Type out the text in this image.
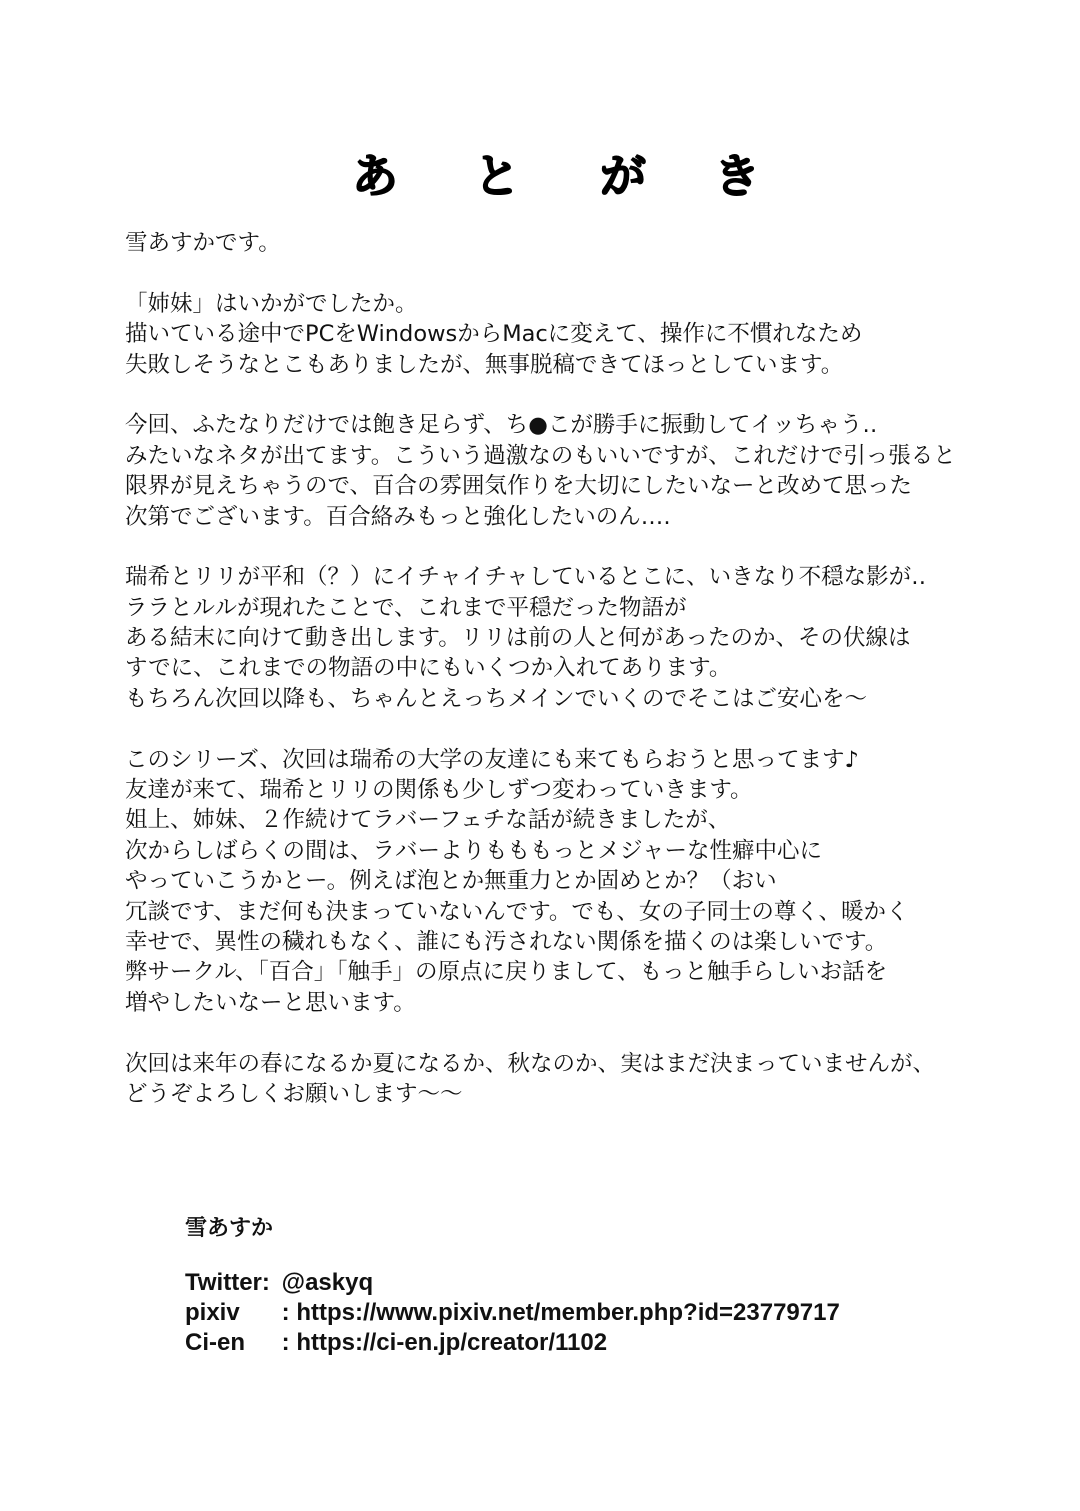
あ と が き
雪あすかです。
「姉妹」はいかがでしたか。
描いている途中でPCをWindowsからMacに変えて、操作に不慣れなため
失敗しそうなとこもありましたが、無事脱稿できてほっとしています。
今回、ふたなりだけでは飽き足らず、ち●こが勝手に振動してイッちゃう‥
みたいなネタが出てます。こういう過激なのもいいですが、これだけで引っ張ると
限界が見えちゃうので、百合の雰囲気作りを大切にしたいなーと改めて思った
次第でございます。百合絡みもっと強化したいのん‥‥
瑞希とリリが平和（？）にイチャイチャしているとこに、いきなり不穏な影が‥
ララとルルが現れたことで、これまで平穏だった物語が
ある結末に向けて動き出します。リリは前の人と何があったのか、その伏線は
すでに、これまでの物語の中にもいくつか入れてあります。
もちろん次回以降も、ちゃんとえっちメインでいくのでそこはご安心を～
このシリーズ、次回は瑞希の大学の友達にも来てもらおうと思ってます♪
友達が来て、瑞希とリリの関係も少しずつ変わっていきます。
姐上、姉妹、２作続けてラバーフェチな話が続きましたが、
次からしばらくの間は、ラバーよりもももっとメジャーな性癖中心に
やっていこうかとー。例えば泡とか無重力とか固めとか？（おい
冗談です、まだ何も決まっていないんです。でも、女の子同士の尊く、暖かく
幸せで、異性の穢れもなく、誰にも汚されない関係を描くのは楽しいです。
弊サークル、「百合」「触手」の原点に戻りまして、もっと触手らしいお話を
増やしたいなーと思います。
次回は来年の春になるか夏になるか、秋なのか、実はまだ決まっていませんが、
どうぞよろしくお願いします～～
雪あすか
Twitter: @askyq
pixiv : https://www.pixiv.net/member.php?id=23779717
Ci-en : https://ci-en.jp/creator/1102
